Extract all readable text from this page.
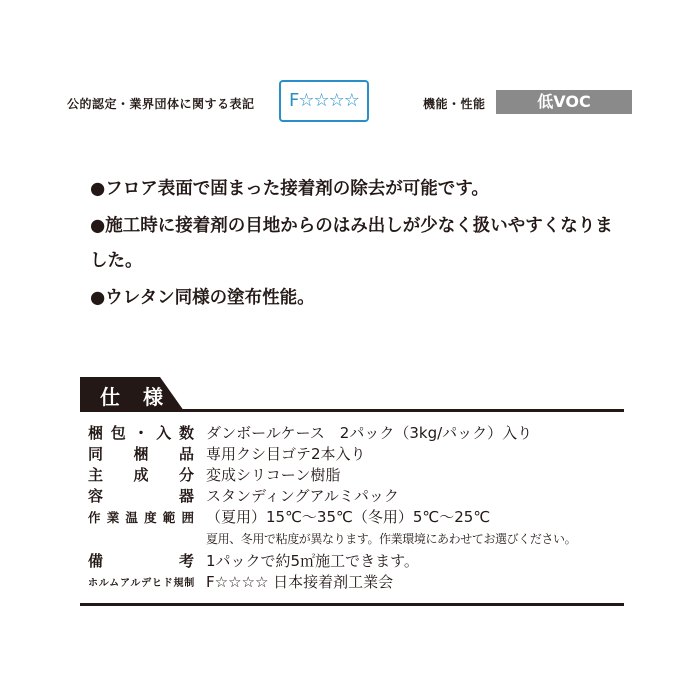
公的認定・業界団体に関する表記	F☆☆☆☆	機能・性能	低VOC
●フロア表面で固まった接着剤の除去が可能です。
●施工時に接着剤の目地からのはみ出しが少なく扱いやすくなりました。
●ウレタン同様の塗布性能。
仕 様
梱包・入数 ダンボールケース　2パック（3kg/パック）入り
同梱品 専用クシ目ゴテ2本入り
主成分 変成シリコーン樹脂
容器 スタンディングアルミパック
作業温度範囲 （夏用）15℃～35℃（冬用）5℃～25℃
夏用、冬用で粘度が異なります。作業環境にあわせてお選びください。
備考 1パックで約5㎡施工できます。
ホルムアルデヒド規制 F☆☆☆☆ 日本接着剤工業会
